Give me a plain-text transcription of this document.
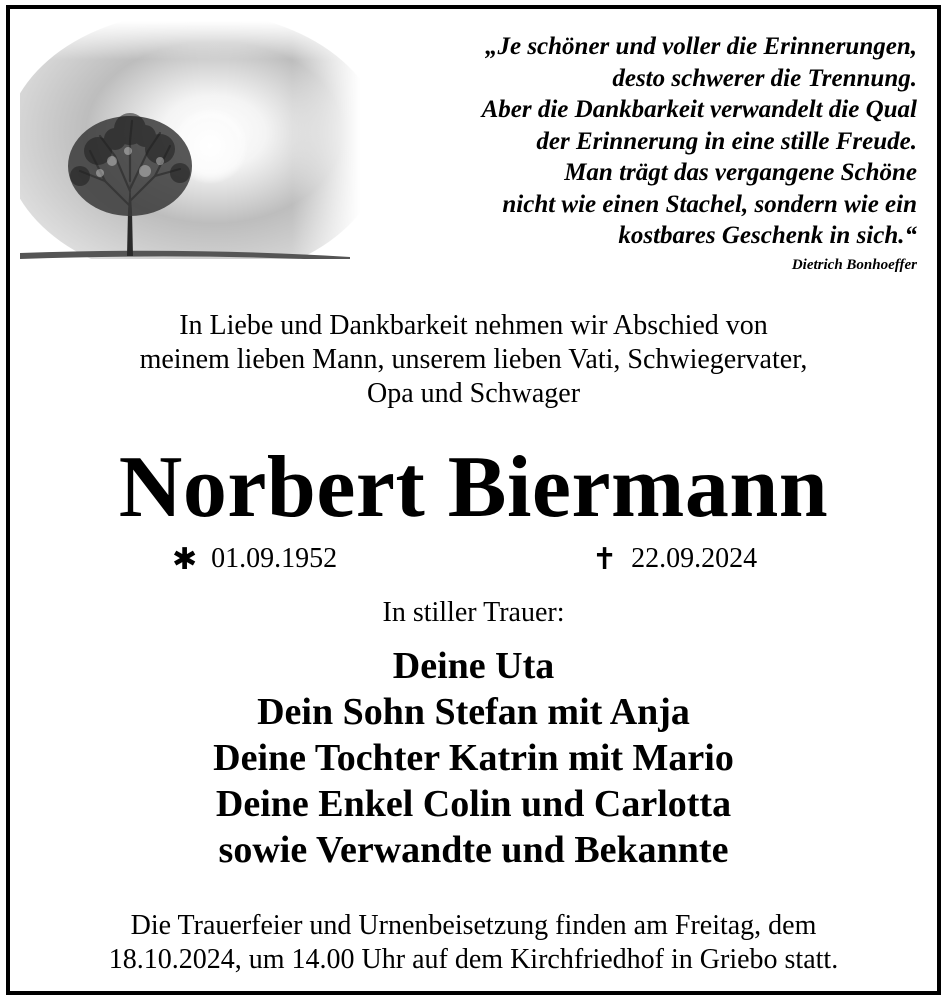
„Je schöner und voller die Erinnerungen,
desto schwerer die Trennung.
Aber die Dankbarkeit verwandelt die Qual
der Erinnerung in eine stille Freude.
Man trägt das vergangene Schöne
nicht wie einen Stachel, sondern wie ein
kostbares Geschenk in sich.“
Dietrich Bonhoeffer
In Liebe und Dankbarkeit nehmen wir Abschied von
meinem lieben Mann, unserem lieben Vati, Schwiegervater,
Opa und Schwager
Norbert Biermann
✱ 01.09.1952	✝ 22.09.2024
In stiller Trauer:
Deine Uta
Dein Sohn Stefan mit Anja
Deine Tochter Katrin mit Mario
Deine Enkel Colin und Carlotta
sowie Verwandte und Bekannte
Die Trauerfeier und Urnenbeisetzung finden am Freitag, dem
18.10.2024, um 14.00 Uhr auf dem Kirchfriedhof in Griebo statt.
